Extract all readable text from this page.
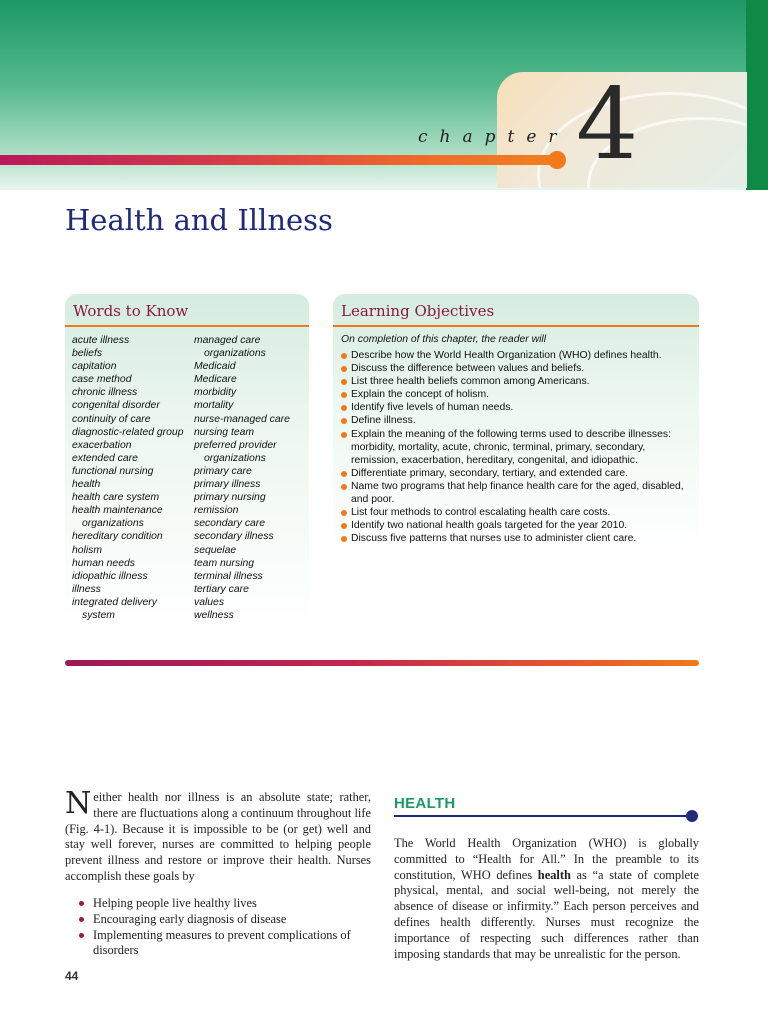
chapter 4
Health and Illness
Words to Know
acute illness
beliefs
capitation
case method
chronic illness
congenital disorder
continuity of care
diagnostic-related group
exacerbation
extended care
functional nursing
health
health care system
health maintenance
organizations
hereditary condition
holism
human needs
idiopathic illness
illness
integrated delivery
system
managed care
organizations
Medicaid
Medicare
morbidity
mortality
nurse-managed care
nursing team
preferred provider
organizations
primary care
primary illness
primary nursing
remission
secondary care
secondary illness
sequelae
team nursing
terminal illness
tertiary care
values
wellness
Learning Objectives
On completion of this chapter, the reader will
Describe how the World Health Organization (WHO) defines health.
Discuss the difference between values and beliefs.
List three health beliefs common among Americans.
Explain the concept of holism.
Identify five levels of human needs.
Define illness.
Explain the meaning of the following terms used to describe illnesses: morbidity, mortality, acute, chronic, terminal, primary, secondary, remission, exacerbation, hereditary, congenital, and idiopathic.
Differentiate primary, secondary, tertiary, and extended care.
Name two programs that help finance health care for the aged, disabled, and poor.
List four methods to control escalating health care costs.
Identify two national health goals targeted for the year 2010.
Discuss five patterns that nurses use to administer client care.

Neither health nor illness is an absolute state; rather, there are fluctuations along a continuum throughout life (Fig. 4-1). Because it is impossible to be (or get) well and stay well forever, nurses are committed to helping people prevent illness and restore or improve their health. Nurses accomplish these goals by

Helping people live healthy lives
Encouraging early diagnosis of disease
Implementing measures to prevent complications of disorders
HEALTH

The World Health Organization (WHO) is globally committed to “Health for All.” In the preamble to its constitution, WHO defines health as “a state of complete physical, mental, and social well-being, not merely the absence of disease or infirmity.” Each person perceives and defines health differently. Nurses must recognize the importance of respecting such differences rather than imposing standards that may be unrealistic for the person.

44
